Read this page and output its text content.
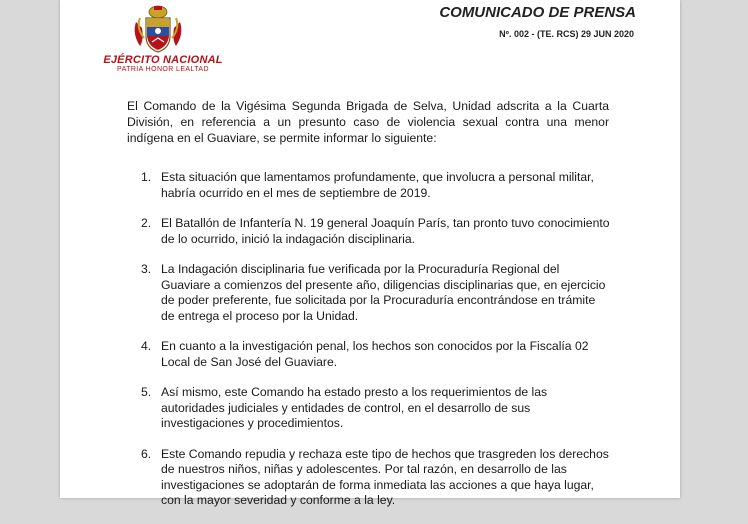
EJÉRCITO NACIONAL
PATRIA HONOR LEALTAD
COMUNICADO DE PRENSA
Nº. 002 - (TE. RCS) 29 JUN 2020

El Comando de la Vigésima Segunda Brigada de Selva, Unidad adscrita a la Cuarta División, en referencia a un presunto caso de violencia sexual contra una menor indígena en el Guaviare, se permite informar lo siguiente:

1. Esta situación que lamentamos profundamente, que involucra a personal militar, habría ocurrido en el mes de septiembre de 2019.
2. El Batallón de Infantería N. 19 general Joaquín París, tan pronto tuvo conocimiento de lo ocurrido, inició la indagación disciplinaria.
3. La Indagación disciplinaria fue verificada por la Procuraduría Regional del Guaviare a comienzos del presente año, diligencias disciplinarias que, en ejercicio de poder preferente, fue solicitada por la Procuraduría encontrándose en trámite de entrega el proceso por la Unidad.
4. En cuanto a la investigación penal, los hechos son conocidos por la Fiscalía 02 Local de San José del Guaviare.
5. Así mismo, este Comando ha estado presto a los requerimientos de las autoridades judiciales y entidades de control, en el desarrollo de sus investigaciones y procedimientos.
6. Este Comando repudia y rechaza este tipo de hechos que trasgreden los derechos de nuestros niños, niñas y adolescentes. Por tal razón, en desarrollo de las investigaciones se adoptarán de forma inmediata las acciones a que haya lugar, con la mayor severidad y conforme a la ley.
